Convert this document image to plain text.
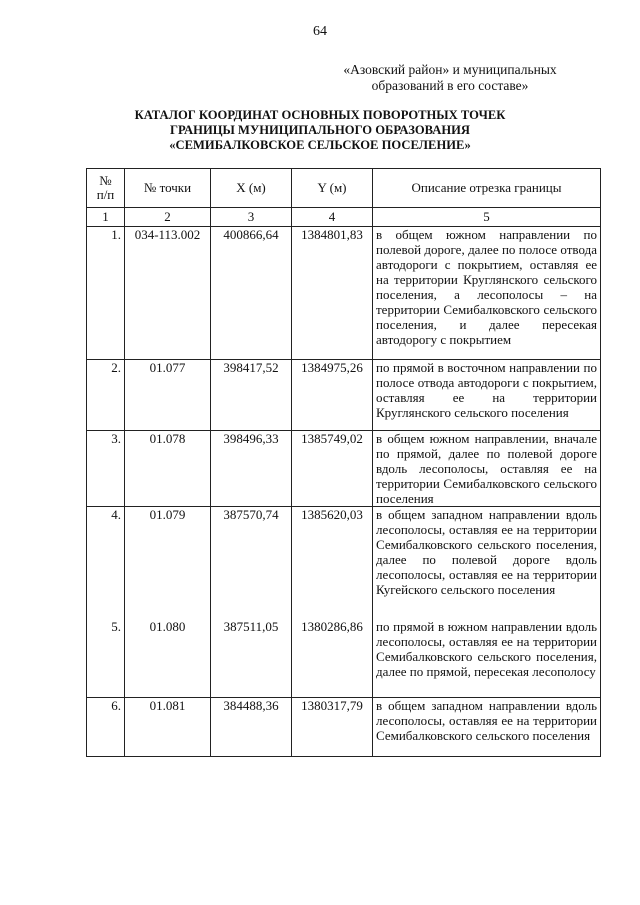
64
«Азовский район» и муниципальных
образований в его составе»
КАТАЛОГ КООРДИНАТ ОСНОВНЫХ ПОВОРОТНЫХ ТОЧЕК
ГРАНИЦЫ МУНИЦИПАЛЬНОГО ОБРАЗОВАНИЯ
«СЕМИБАЛКОВСКОЕ СЕЛЬСКОЕ ПОСЕЛЕНИЕ»
№
п/п	№ точки	X (м)	Y (м)	Описание отрезка границы
1	2	3	4	5
1.	034-113.002	400866,64	1384801,83	в общем южном направлении по полевой дороге, далее по полосе отвода автодороги с покрытием, оставляя ее на территории Круглянского сельского поселения, а лесополосы – на территории Семибалковского сельского поселения, и далее пересекая автодорогу с покрытием
2.	01.077	398417,52	1384975,26	по прямой в восточном направлении по полосе отвода автодороги с покрытием, оставляя ее на территории Круглянского сельского поселения
3.	01.078	398496,33	1385749,02	в общем южном направлении, вначале по прямой, далее по полевой дороге вдоль лесополосы, оставляя ее на территории Семибалковского сельского поселения
4.	01.079	387570,74	1385620,03	в общем западном направлении вдоль лесополосы, оставляя ее на территории Семибалковского сельского поселения, далее по полевой дороге вдоль лесополосы, оставляя ее на территории Кугейского сельского поселения
5.	01.080	387511,05	1380286,86	по прямой в южном направлении вдоль лесополосы, оставляя ее на территории Семибалковского сельского поселения, далее по прямой, пересекая лесополосу
6.	01.081	384488,36	1380317,79	в общем западном направлении вдоль лесополосы, оставляя ее на территории Семибалковского сельского поселения
